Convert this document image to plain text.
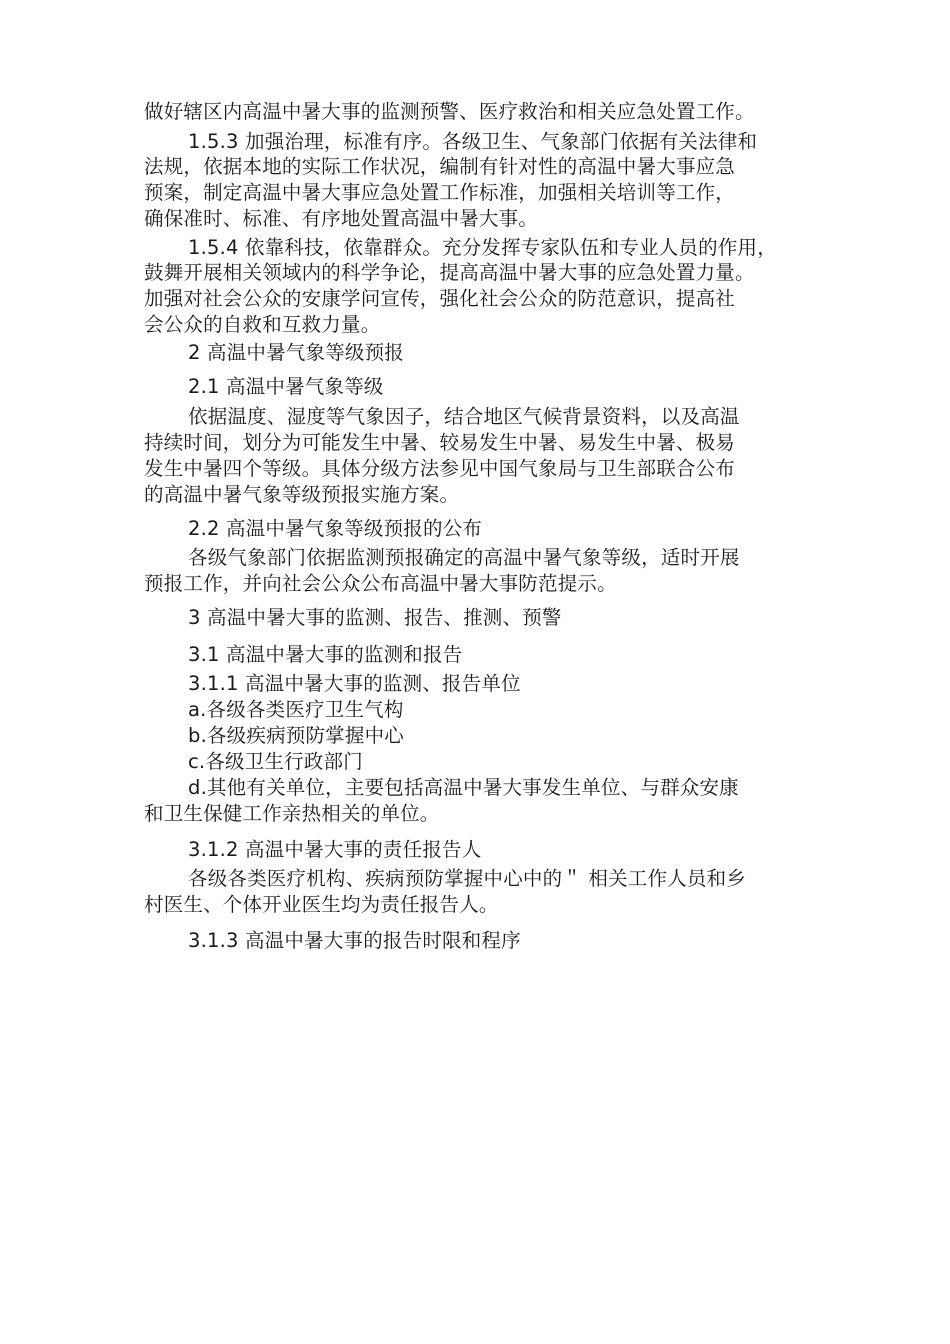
做好辖区内高温中暑大事的监测预警、医疗救治和相关应急处置工作。
1.5.3 加强治理，标准有序。各级卫生、气象部门依据有关法律和
法规，依据本地的实际工作状况，编制有针对性的高温中暑大事应急
预案，制定高温中暑大事应急处置工作标准，加强相关培训等工作，
确保准时、标准、有序地处置高温中暑大事。
1.5.4 依靠科技，依靠群众。充分发挥专家队伍和专业人员的作用，
鼓舞开展相关领域内的科学争论，提高高温中暑大事的应急处置力量。
加强对社会公众的安康学问宣传，强化社会公众的防范意识，提高社
会公众的自救和互救力量。
2 高温中暑气象等级预报
2.1 高温中暑气象等级
依据温度、湿度等气象因子，结合地区气候背景资料，以及高温
持续时间，划分为可能发生中暑、较易发生中暑、易发生中暑、极易
发生中暑四个等级。具体分级方法参见中国气象局与卫生部联合公布
的高温中暑气象等级预报实施方案。
2.2 高温中暑气象等级预报的公布
各级气象部门依据监测预报确定的高温中暑气象等级，适时开展
预报工作，并向社会公众公布高温中暑大事防范提示。
3 高温中暑大事的监测、报告、推测、预警
3.1 高温中暑大事的监测和报告
3.1.1 高温中暑大事的监测、报告单位
a.各级各类医疗卫生气构
b.各级疾病预防掌握中心
c.各级卫生行政部门
d.其他有关单位，主要包括高温中暑大事发生单位、与群众安康
和卫生保健工作亲热相关的单位。
3.1.2 高温中暑大事的责任报告人
各级各类医疗机构、疾病预防掌握中心中的＂ 相关工作人员和乡
村医生、个体开业医生均为责任报告人。
3.1.3 高温中暑大事的报告时限和程序
